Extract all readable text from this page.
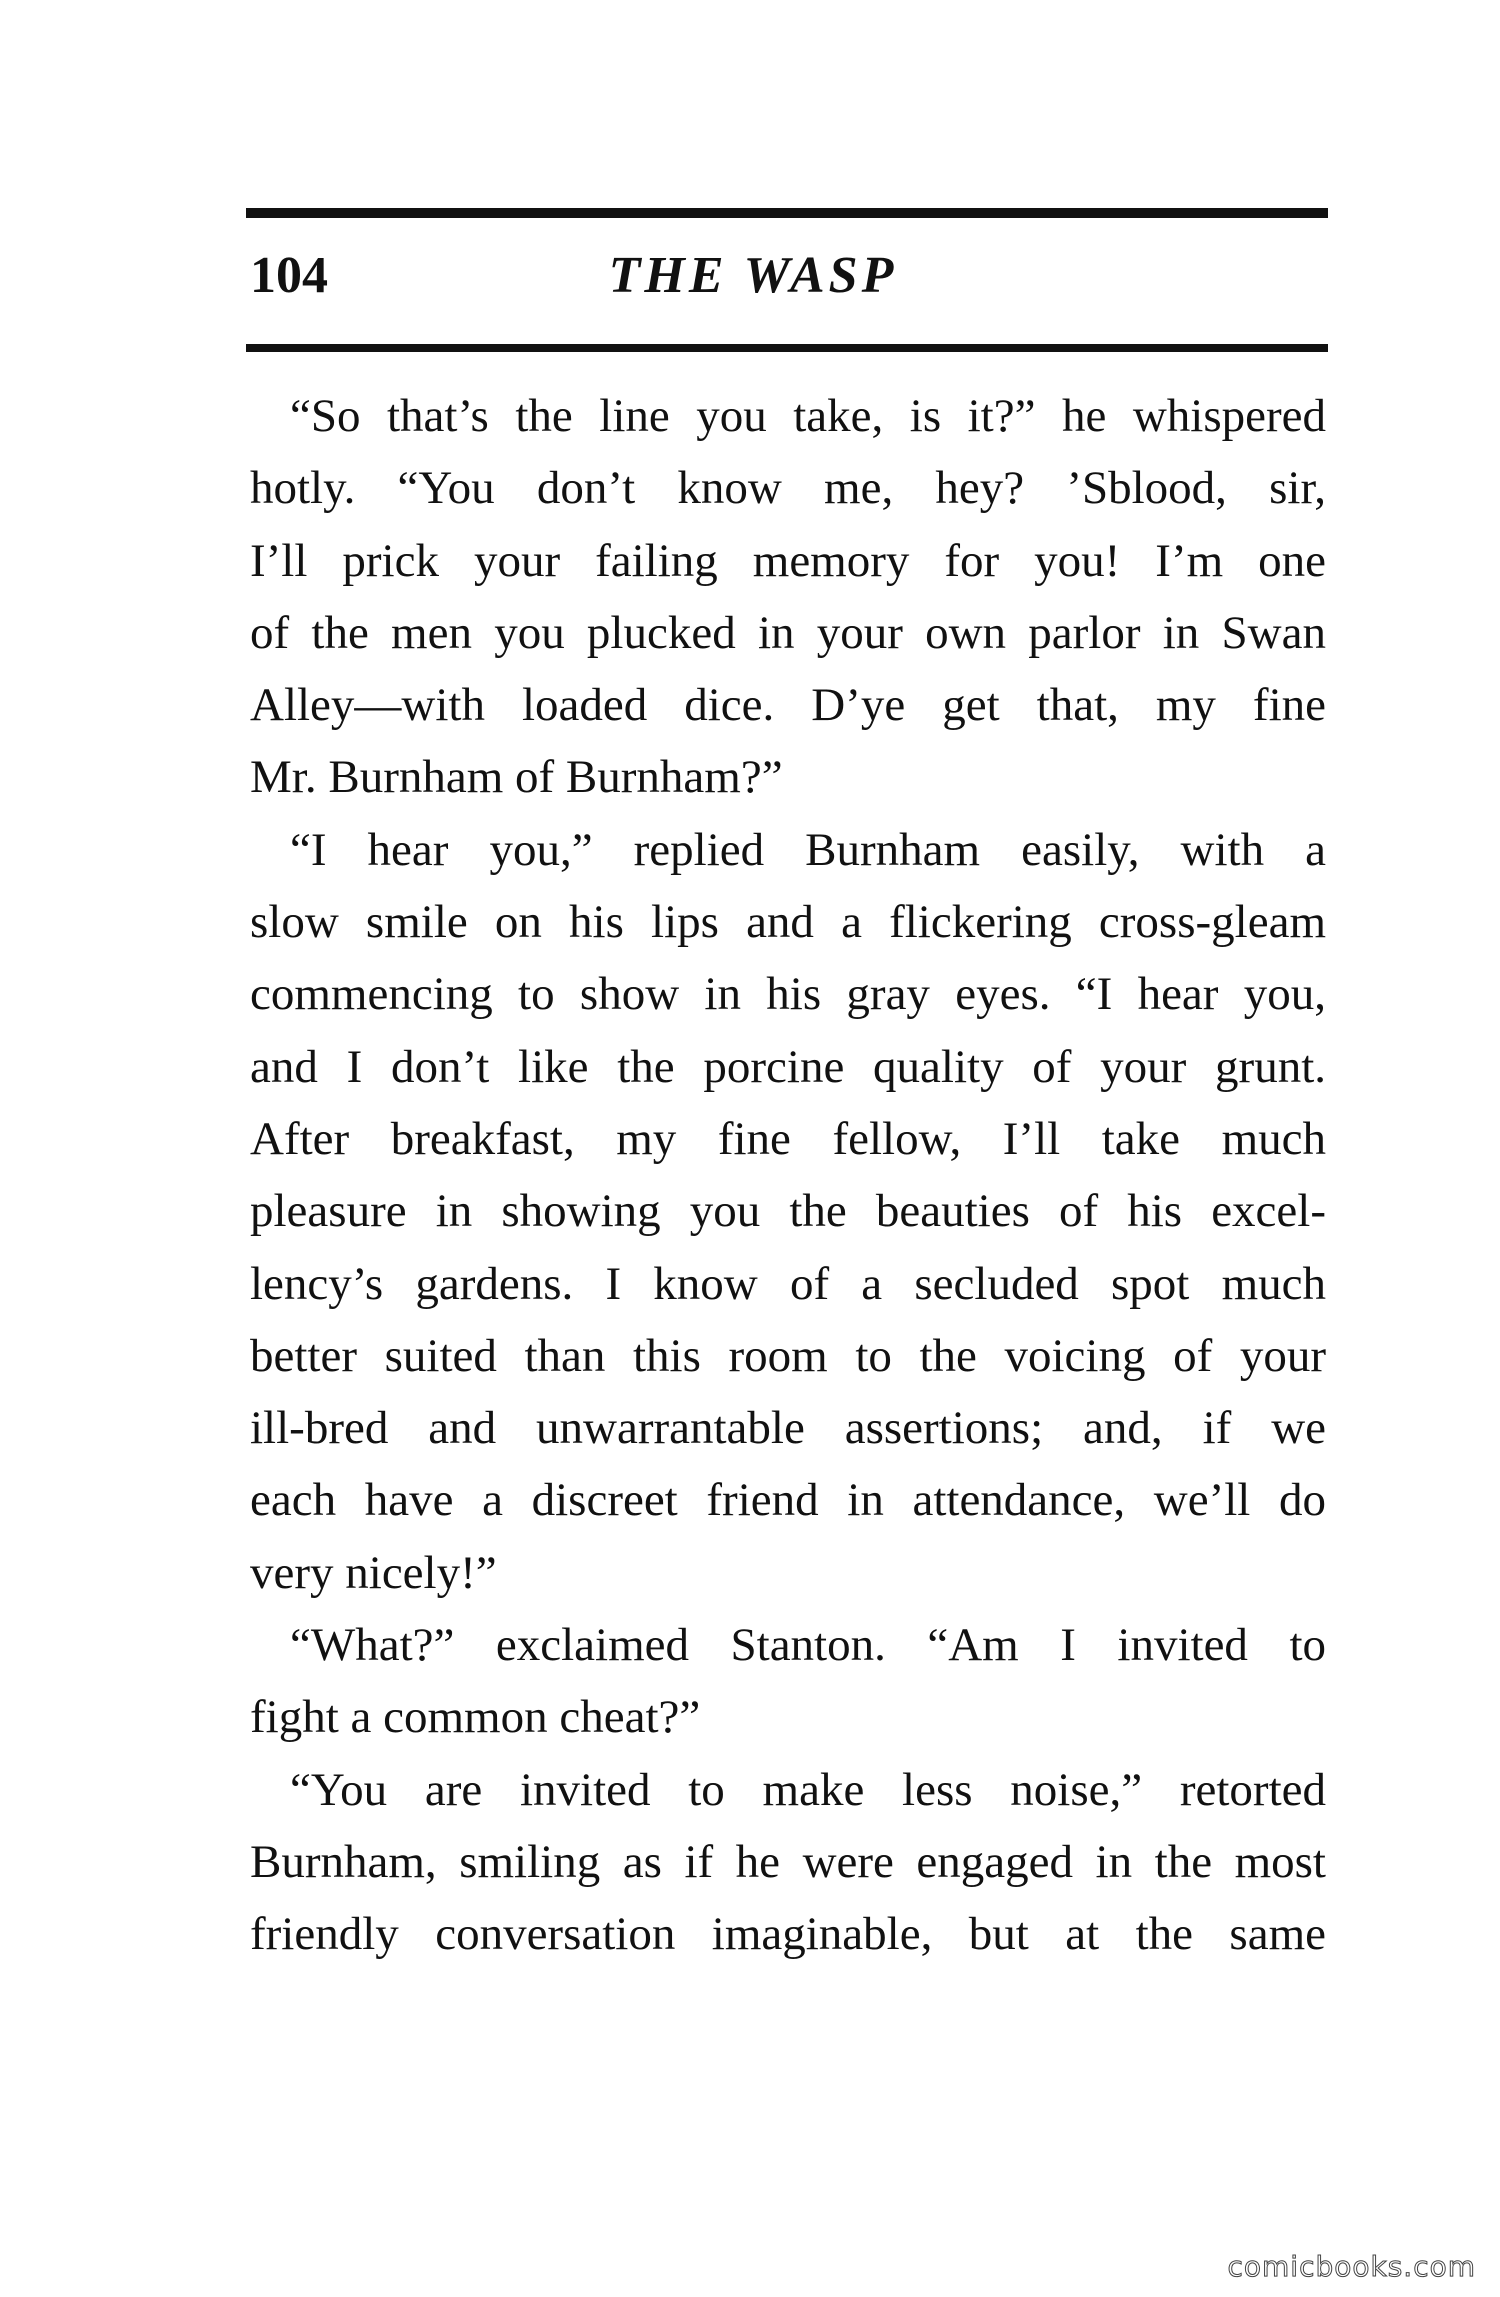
104	THE WASP
“So that’s the line you take, is it?” he whispered
hotly. “You don’t know me, hey? ’Sblood, sir,
I’ll prick your failing memory for you! I’m one
of the men you plucked in your own parlor in Swan
Alley—with loaded dice. D’ye get that, my fine
Mr. Burnham of Burnham?”
“I hear you,” replied Burnham easily, with a
slow smile on his lips and a flickering cross-gleam
commencing to show in his gray eyes. “I hear you,
and I don’t like the porcine quality of your grunt.
After breakfast, my fine fellow, I’ll take much
pleasure in showing you the beauties of his excel-
lency’s gardens. I know of a secluded spot much
better suited than this room to the voicing of your
ill-bred and unwarrantable assertions; and, if we
each have a discreet friend in attendance, we’ll do
very nicely!”
“What?” exclaimed Stanton. “Am I invited to
fight a common cheat?”
“You are invited to make less noise,” retorted
Burnham, smiling as if he were engaged in the most
friendly conversation imaginable, but at the same
comicbooks.com
